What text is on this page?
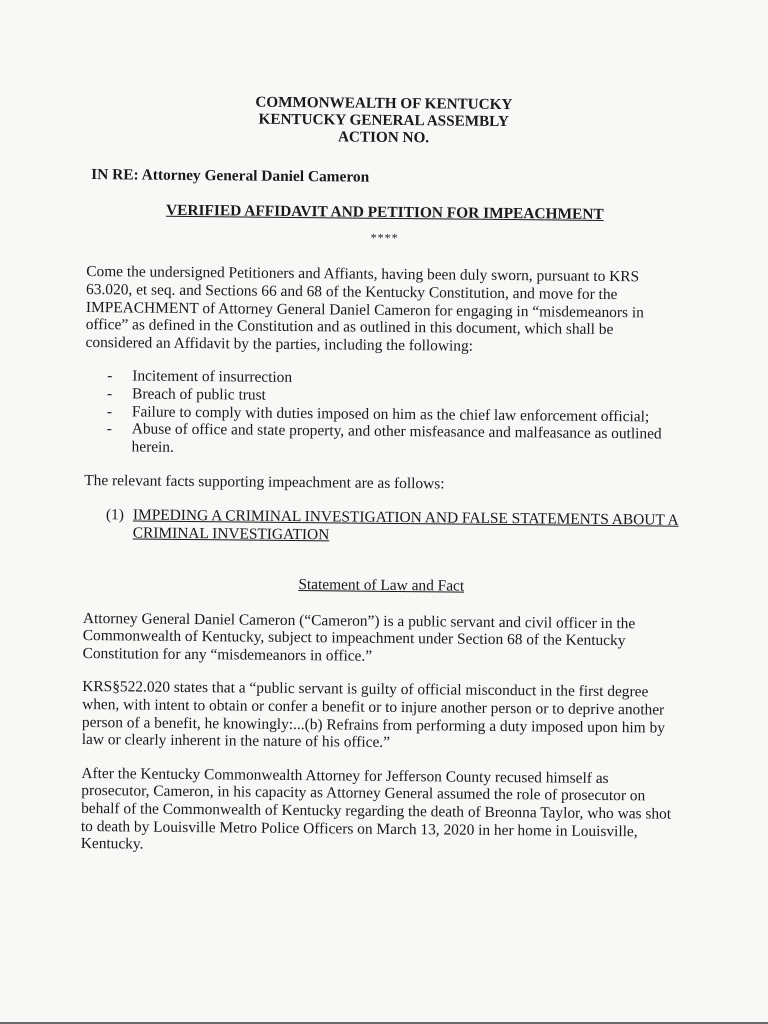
COMMONWEALTH OF KENTUCKY
KENTUCKY GENERAL ASSEMBLY
ACTION NO.
IN RE: Attorney General Daniel Cameron
VERIFIED AFFIDAVIT AND PETITION FOR IMPEACHMENT
****

Come the undersigned Petitioners and Affiants, having been duly sworn, pursuant to KRS 63.020, et seq. and Sections 66 and 68 of the Kentucky Constitution, and move for the IMPEACHMENT of Attorney General Daniel Cameron for engaging in “misdemeanors in office” as defined in the Constitution and as outlined in this document, which shall be considered an Affidavit by the parties, including the following:

- Incitement of insurrection
- Breach of public trust
- Failure to comply with duties imposed on him as the chief law enforcement official;
- Abuse of office and state property, and other misfeasance and malfeasance as outlined herein.

The relevant facts supporting impeachment are as follows:

(1) IMPEDING A CRIMINAL INVESTIGATION AND FALSE STATEMENTS ABOUT A CRIMINAL INVESTIGATION
Statement of Law and Fact

Attorney General Daniel Cameron (“Cameron”) is a public servant and civil officer in the Commonwealth of Kentucky, subject to impeachment under Section 68 of the Kentucky Constitution for any “misdemeanors in office.”

KRS§522.020 states that a “public servant is guilty of official misconduct in the first degree when, with intent to obtain or confer a benefit or to injure another person or to deprive another person of a benefit, he knowingly:...(b) Refrains from performing a duty imposed upon him by law or clearly inherent in the nature of his office.”

After the Kentucky Commonwealth Attorney for Jefferson County recused himself as prosecutor, Cameron, in his capacity as Attorney General assumed the role of prosecutor on behalf of the Commonwealth of Kentucky regarding the death of Breonna Taylor, who was shot to death by Louisville Metro Police Officers on March 13, 2020 in her home in Louisville, Kentucky.
